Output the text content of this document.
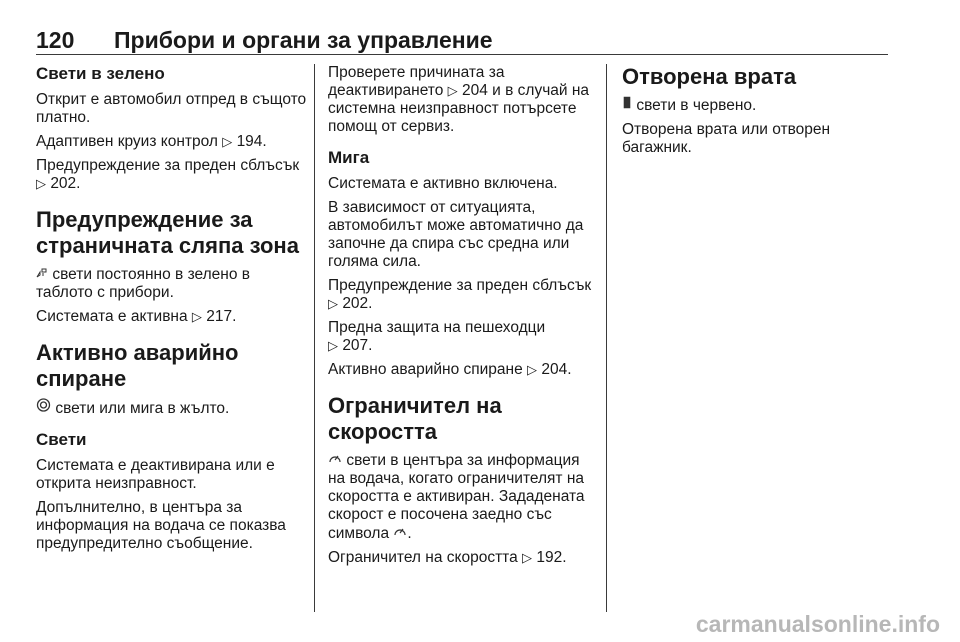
120	Прибори и органи за управление
Свети в зелено
Открит е автомобил отпред в същото платно.
Адаптивен круиз контрол ▷ 194.
Предупреждение за преден сблъсък ▷ 202.
Предупреждение за страничната сляпа зона
свети постоянно в зелено в таблото с прибори.
Системата е активна ▷ 217.
Активно аварийно спиране
свети или мига в жълто.
Свети
Системата е деактивирана или е открита неизправност.
Допълнително, в центъра за информация на водача се показва предупредително съобщение.
Проверете причината за деактивирането ▷ 204 и в случай на системна неизправност потърсете помощ от сервиз.
Мига
Системата е активно включена.
В зависимост от ситуацията, автомобилът може автоматично да започне да спира със средна или голяма сила.
Предупреждение за преден сблъсък ▷ 202.
Предна защита на пешеходци
▷ 207.
Активно аварийно спиране ▷ 204.
Ограничител на скоростта
свети в центъра за информация на водача, когато ограничителят на скоростта е активиран. Зададената скорост е посочена заедно със символа .
Ограничител на скоростта ▷ 192.
Отворена врата
свети в червено.
Отворена врата или отворен багажник.
carmanualsonline.info
